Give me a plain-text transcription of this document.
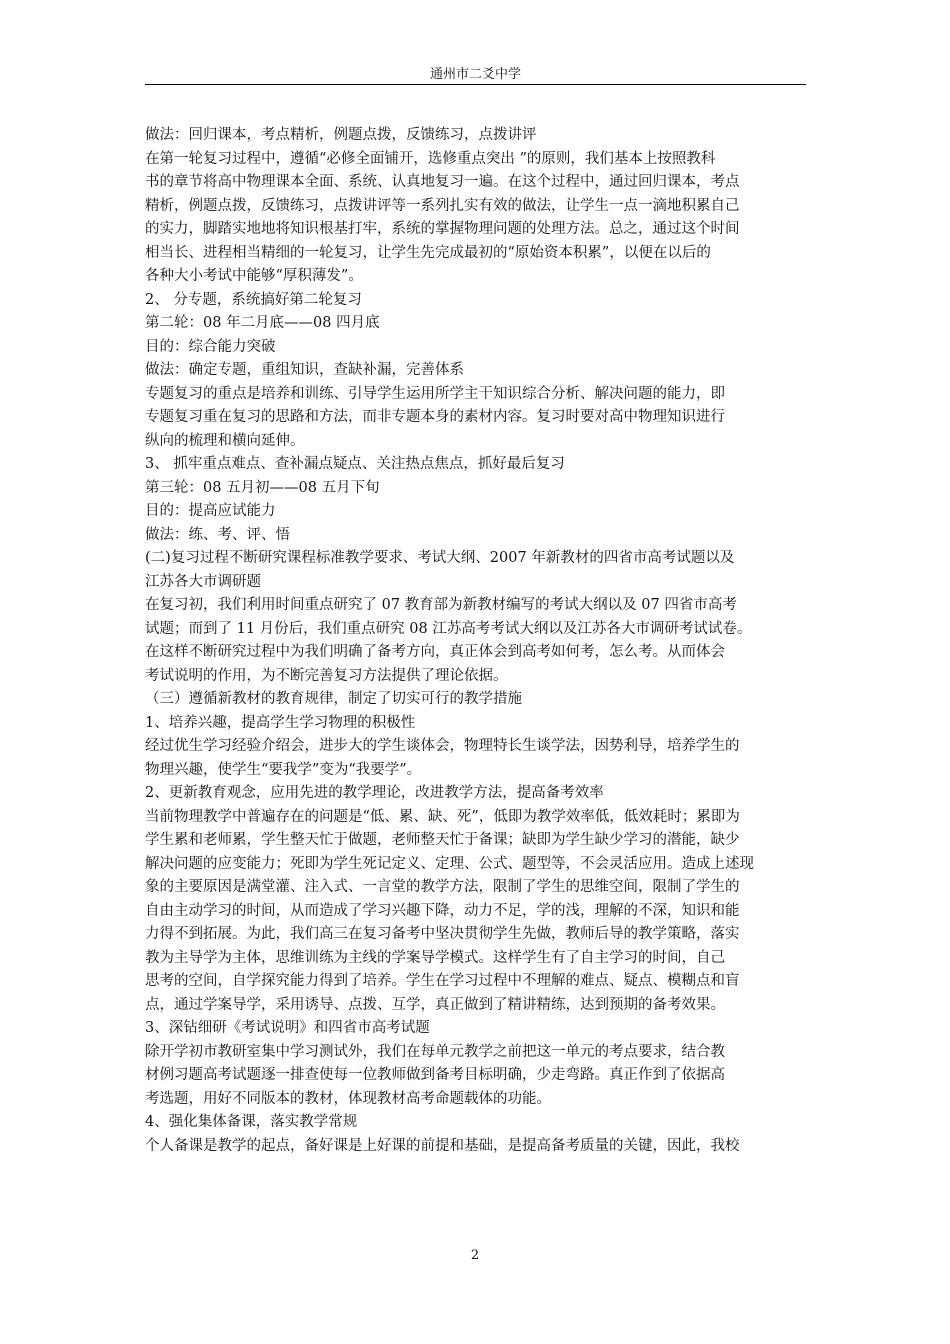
通州市二爻中学
做法：回归课本，考点精析，例题点拨，反馈练习，点拨讲评
在第一轮复习过程中，遵循“必修全面铺开，选修重点突出 ”的原则，我们基本上按照教科
书的章节将高中物理课本全面、系统、认真地复习一遍。在这个过程中，通过回归课本，考点
精析，例题点拨，反馈练习，点拨讲评等一系列扎实有效的做法，让学生一点一滴地积累自己
的实力，脚踏实地地将知识根基打牢，系统的掌握物理问题的处理方法。总之，通过这个时间
相当长、进程相当精细的一轮复习，让学生先完成最初的“原始资本积累”，以便在以后的
各种大小考试中能够“厚积薄发”。
2、 分专题，系统搞好第二轮复习
第二轮：08 年二月底——08 四月底
目的：综合能力突破
做法：确定专题，重组知识，查缺补漏，完善体系
专题复习的重点是培养和训练、引导学生运用所学主干知识综合分析、解决问题的能力，即
专题复习重在复习的思路和方法，而非专题本身的素材内容。复习时要对高中物理知识进行
纵向的梳理和横向延伸。
3、 抓牢重点难点、查补漏点疑点、关注热点焦点，抓好最后复习
第三轮：08 五月初——08 五月下旬
目的：提高应试能力
做法：练、考、评、悟
(二)复习过程不断研究课程标准教学要求、考试大纲、2007 年新教材的四省市高考试题以及
江苏各大市调研题
在复习初，我们利用时间重点研究了 07 教育部为新教材编写的考试大纲以及 07 四省市高考
试题；而到了 11 月份后，我们重点研究 08 江苏高考考试大纲以及江苏各大市调研考试试卷。
在这样不断研究过程中为我们明确了备考方向，真正体会到高考如何考，怎么考。从而体会
考试说明的作用，为不断完善复习方法提供了理论依据。
（三）遵循新教材的教育规律，制定了切实可行的教学措施
1、培养兴趣，提高学生学习物理的积极性
经过优生学习经验介绍会，进步大的学生谈体会，物理特长生谈学法，因势利导，培养学生的
物理兴趣，使学生“要我学”变为“我要学”。
2、更新教育观念，应用先进的教学理论，改进教学方法，提高备考效率
当前物理教学中普遍存在的问题是“低、累、缺、死”，低即为教学效率低，低效耗时；累即为
学生累和老师累，学生整天忙于做题，老师整天忙于备课；缺即为学生缺少学习的潜能，缺少
解决问题的应变能力；死即为学生死记定义、定理、公式、题型等，不会灵活应用。造成上述现
象的主要原因是满堂灌、注入式、一言堂的教学方法，限制了学生的思维空间，限制了学生的
自由主动学习的时间，从而造成了学习兴趣下降，动力不足，学的浅，理解的不深，知识和能
力得不到拓展。为此，我们高三在复习备考中坚决贯彻学生先做，教师后导的教学策略，落实
教为主导学为主体，思维训练为主线的学案导学模式。这样学生有了自主学习的时间，自己
思考的空间，自学探究能力得到了培养。学生在学习过程中不理解的难点、疑点、模糊点和盲
点，通过学案导学，采用诱导、点拨、互学，真正做到了精讲精练，达到预期的备考效果。
3、深钻细研《考试说明》和四省市高考试题
除开学初市教研室集中学习测试外，我们在每单元教学之前把这一单元的考点要求，结合教
材例习题高考试题逐一排查使每一位教师做到备考目标明确，少走弯路。真正作到了依据高
考选题，用好不同版本的教材，体现教材高考命题载体的功能。
4、强化集体备课，落实教学常规
个人备课是教学的起点，备好课是上好课的前提和基础，是提高备考质量的关键，因此，我校
2
